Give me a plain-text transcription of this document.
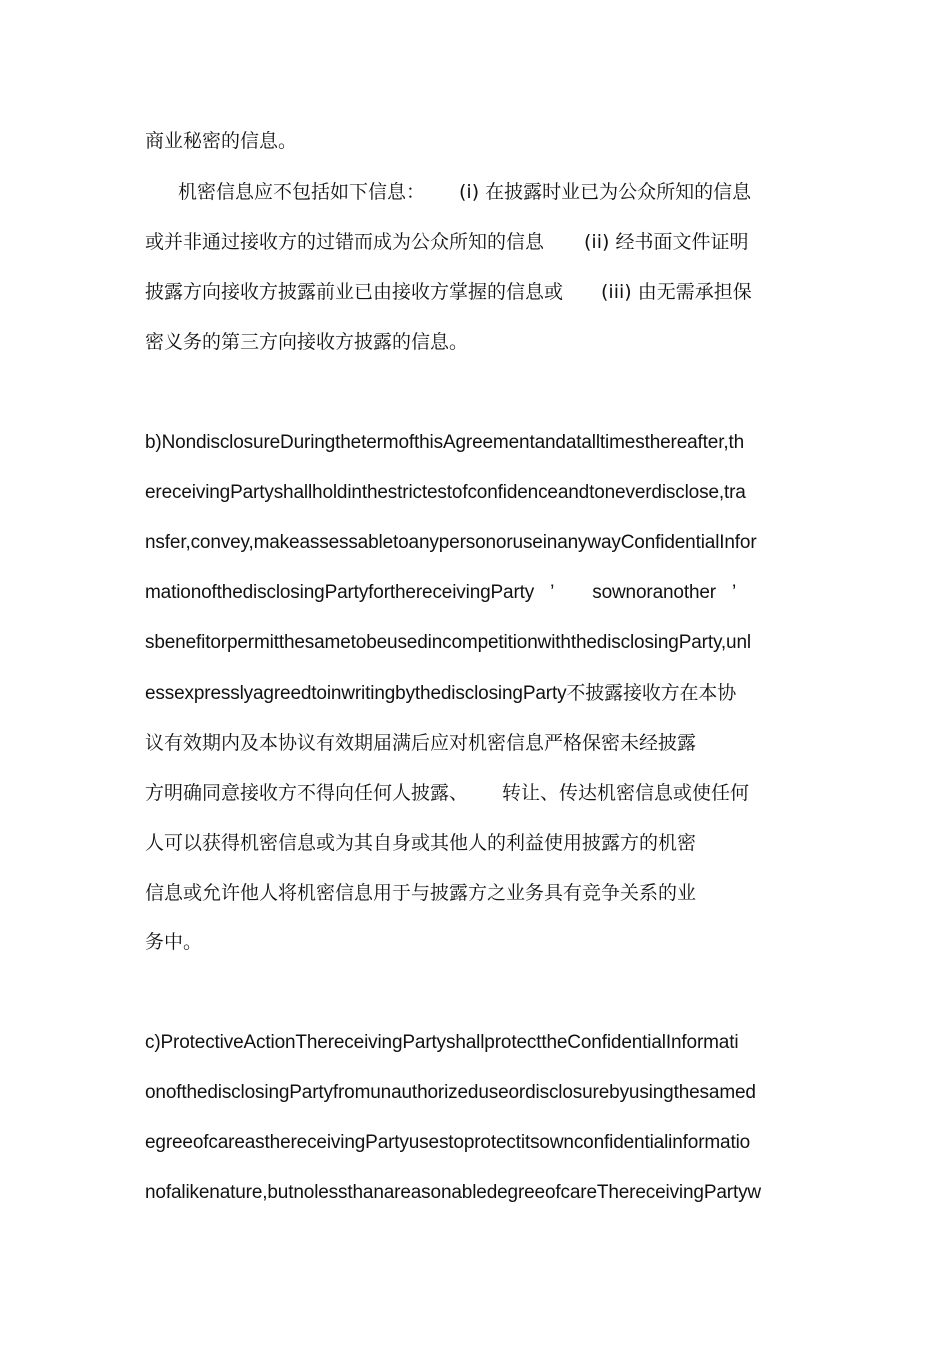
商业秘密的信息。
机密信息应不包括如下信息： (i) 在披露时业已为公众所知的信息
或并非通过接收方的过错而成为公众所知的信息 (ii) 经书面文件证明
披露方向接收方披露前业已由接收方掌握的信息或 (iii) 由无需承担保
密义务的第三方向接收方披露的信息。
b)NondisclosureDuringthetermofthisAgreementandatalltimesthereafter,th
ereceivingPartyshallholdinthestrictestofconfidenceandtoneverdisclose,tra
nsfer,convey,makeassessabletoanypersonoruseinanywayConfidentialInfor
mationofthedisclosingPartyforthereceivingParty ’ sownoranother ’
sbenefitorpermitthesametobeusedincompetitionwiththedisclosingParty,unl
essexpresslyagreedtoinwritingbythedisclosingParty不披露接收方在本协
议有效期内及本协议有效期届满后应对机密信息严格保密未经披露
方明确同意接收方不得向任何人披露、 转让、传达机密信息或使任何
人可以获得机密信息或为其自身或其他人的利益使用披露方的机密
信息或允许他人将机密信息用于与披露方之业务具有竞争关系的业
务中。
c)ProtectiveActionThereceivingPartyshallprotecttheConfidentialInformati
onofthedisclosingPartyfromunauthorizeduseordisclosurebyusingthesamed
egreeofcareasthereceivingPartyusestoprotectitsownconfidentialinformatio
nofalikenature,butnolessthanareasonabledegreeofcareThereceivingPartyw
